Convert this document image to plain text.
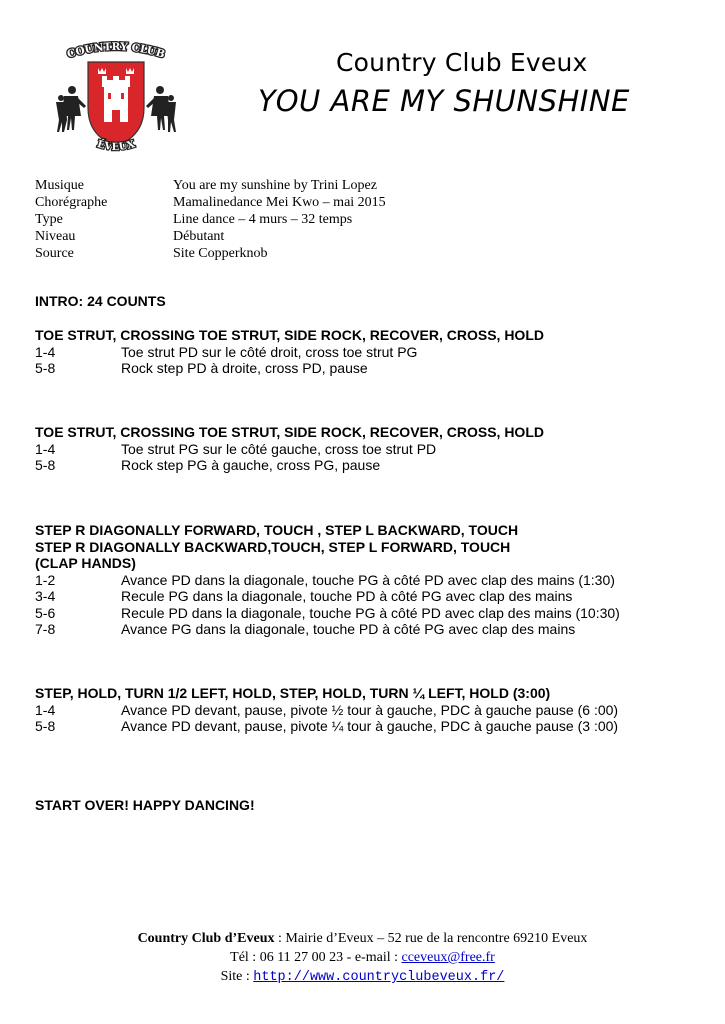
COUNTRY CLUB
ÉVEUX
Country Club Eveux
YOU ARE MY SHUNSHINE
Musique	You are my sunshine by Trini Lopez
Chorégraphe	Mamalinedance Mei Kwo – mai 2015
Type	Line dance – 4 murs – 32 temps
Niveau	Débutant
Source	Site Copperknob
INTRO: 24 COUNTS
TOE STRUT, CROSSING TOE STRUT, SIDE ROCK, RECOVER, CROSS, HOLD
1-4	Toe strut PD sur le côté droit, cross toe strut PG
5-8	Rock step PD à droite, cross PD, pause
TOE STRUT, CROSSING TOE STRUT, SIDE ROCK, RECOVER, CROSS, HOLD
1-4	Toe strut PG sur le côté gauche, cross toe strut PD
5-8	Rock step PG à gauche, cross PG, pause
STEP R DIAGONALLY FORWARD, TOUCH , STEP L BACKWARD, TOUCH
STEP R DIAGONALLY BACKWARD,TOUCH, STEP L FORWARD, TOUCH
(CLAP HANDS)
1-2	Avance PD dans la diagonale, touche PG à côté PD avec clap des mains (1:30)
3-4	Recule PG dans la diagonale, touche PD à côté PG avec clap des mains
5-6	Recule PD dans la diagonale, touche PG à côté PD avec clap des mains (10:30)
7-8	Avance PG dans la diagonale, touche PD à côté PG avec clap des mains
STEP, HOLD, TURN 1/2 LEFT, HOLD, STEP, HOLD, TURN ¼ LEFT, HOLD (3:00)
1-4	Avance PD devant, pause, pivote ½ tour à gauche, PDC à gauche pause (6 :00)
5-8	Avance PD devant, pause, pivote ¼ tour à gauche, PDC à gauche pause (3 :00)
START OVER! HAPPY DANCING!
Country Club d’Eveux : Mairie d’Eveux – 52 rue de la rencontre 69210 Eveux
Tél : 06 11 27 00 23 - e-mail : cceveux@free.fr
Site : http://www.countryclubeveux.fr/
